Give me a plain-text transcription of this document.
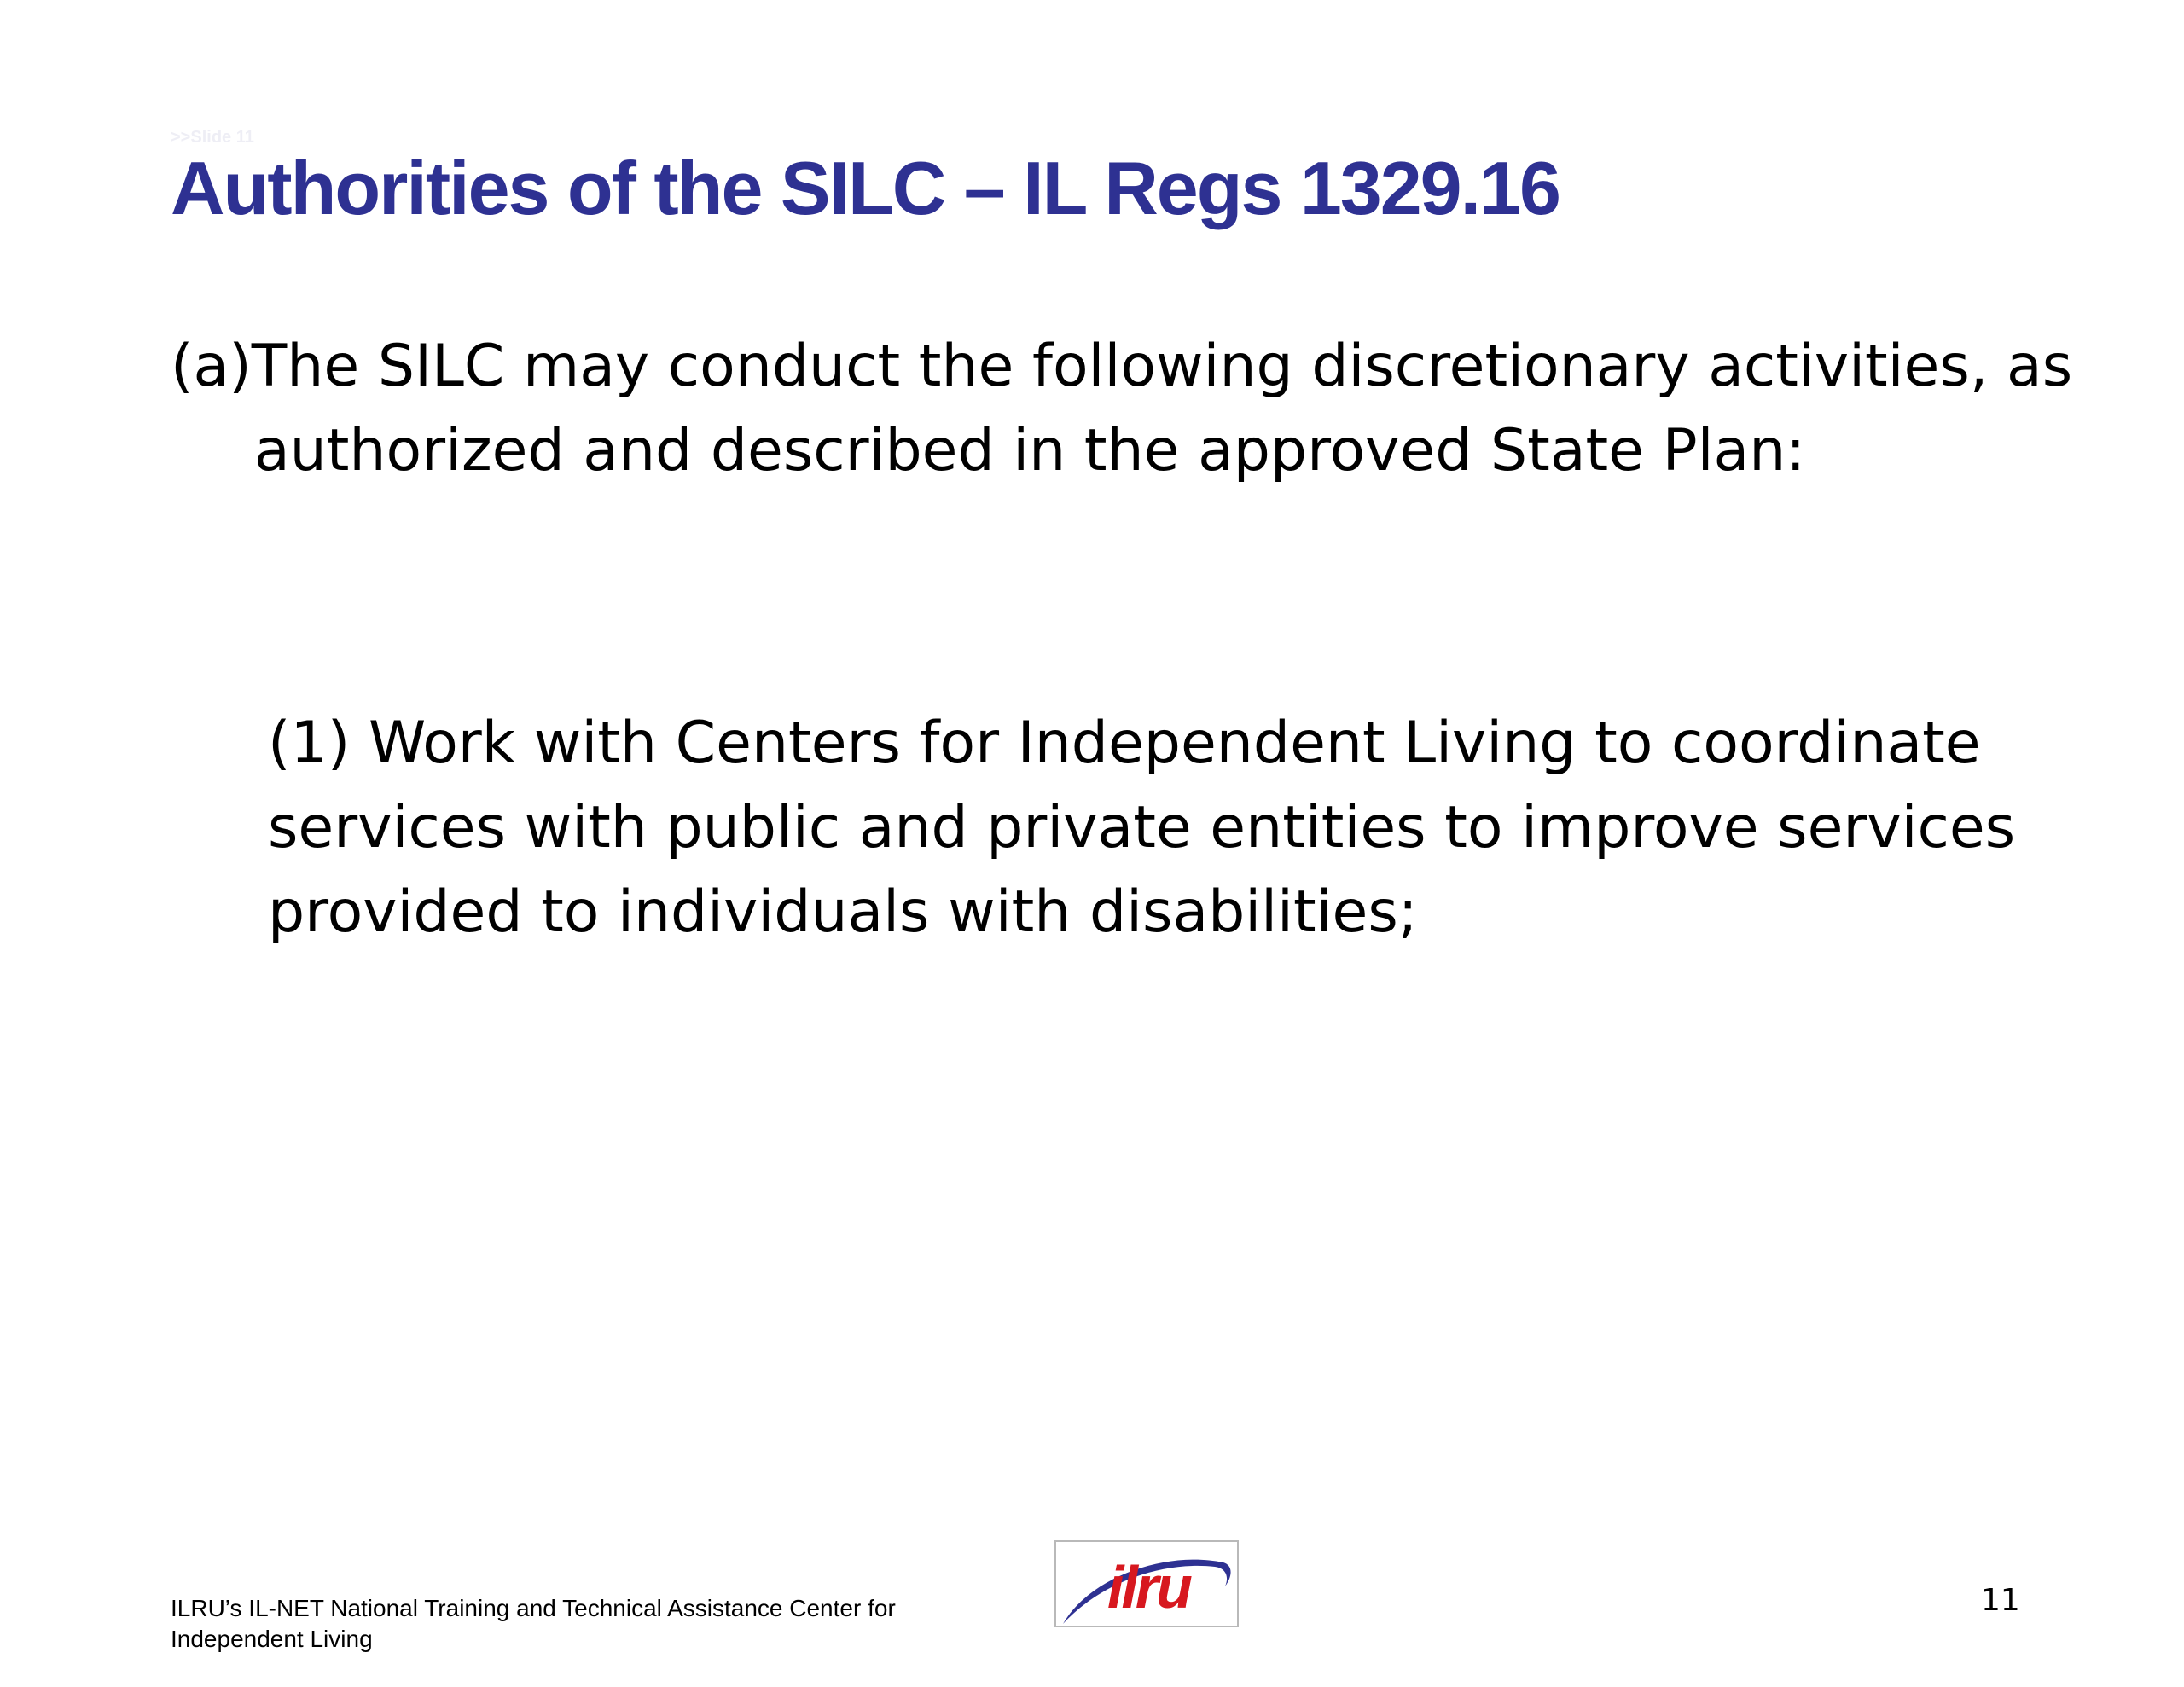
>>Slide 11
Authorities of the SILC – IL Regs 1329.16

(a)The SILC may conduct the following discretionary activities, as authorized and described in the approved State Plan:

(1) Work with Centers for Independent Living to coordinate services with public and private entities to improve services provided to individuals with disabilities;

ILRU’s IL-NET National Training and Technical Assistance Center for Independent Living
ilru	11
